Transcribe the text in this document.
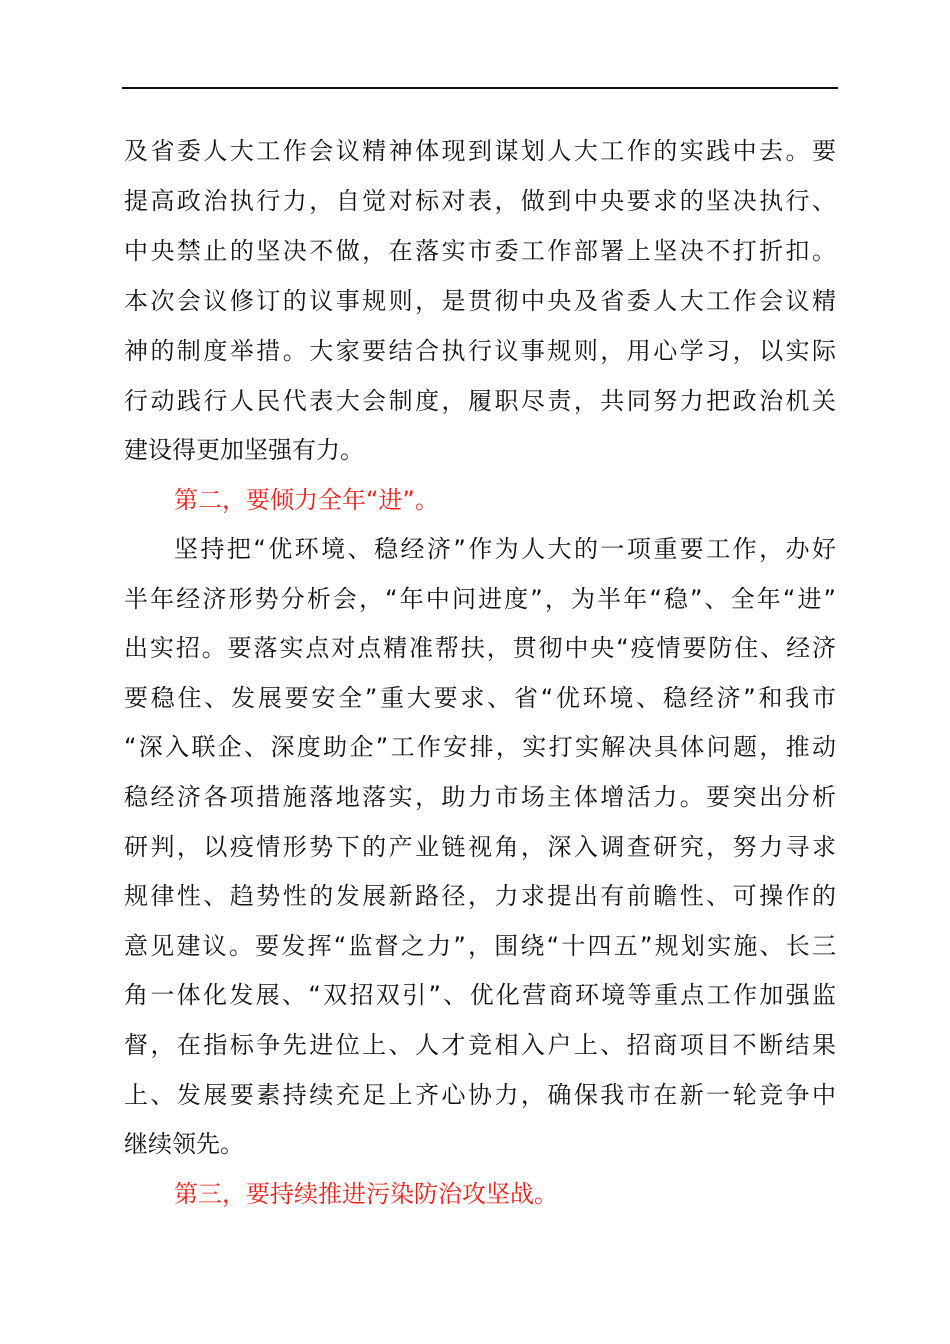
及省委人大工作会议精神体现到谋划人大工作的实践中去。要
提高政治执行力，自觉对标对表，做到中央要求的坚决执行、
中央禁止的坚决不做，在落实市委工作部署上坚决不打折扣。
本次会议修订的议事规则，是贯彻中央及省委人大工作会议精
神的制度举措。大家要结合执行议事规则，用心学习，以实际
行动践行人民代表大会制度，履职尽责，共同努力把政治机关
建设得更加坚强有力。
第二，要倾力全年“进”。
坚持把“优环境、稳经济”作为人大的一项重要工作，办好
半年经济形势分析会，“年中问进度”，为半年“稳”、全年“进”
出实招。要落实点对点精准帮扶，贯彻中央“疫情要防住、经济
要稳住、发展要安全”重大要求、省“优环境、稳经济”和我市
“深入联企、深度助企”工作安排，实打实解决具体问题，推动
稳经济各项措施落地落实，助力市场主体增活力。要突出分析
研判，以疫情形势下的产业链视角，深入调查研究，努力寻求
规律性、趋势性的发展新路径，力求提出有前瞻性、可操作的
意见建议。要发挥“监督之力”，围绕“十四五”规划实施、长三
角一体化发展、“双招双引”、优化营商环境等重点工作加强监
督，在指标争先进位上、人才竞相入户上、招商项目不断结果
上、发展要素持续充足上齐心协力，确保我市在新一轮竞争中
继续领先。
第三，要持续推进污染防治攻坚战。
